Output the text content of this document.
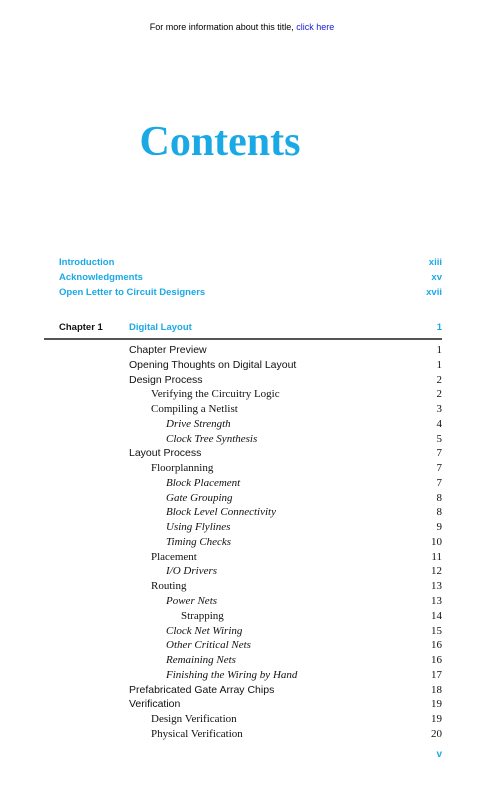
For more information about this title, click here
Contents
Introduction	xiii
Acknowledgments	xv
Open Letter to Circuit Designers	xvii
Chapter 1	Digital Layout	1
Chapter Preview	1
Opening Thoughts on Digital Layout	1
Design Process	2
Verifying the Circuitry Logic	2
Compiling a Netlist	3
Drive Strength	4
Clock Tree Synthesis	5
Layout Process	7
Floorplanning	7
Block Placement	7
Gate Grouping	8
Block Level Connectivity	8
Using Flylines	9
Timing Checks	10
Placement	11
I/O Drivers	12
Routing	13
Power Nets	13
Strapping	14
Clock Net Wiring	15
Other Critical Nets	16
Remaining Nets	16
Finishing the Wiring by Hand	17
Prefabricated Gate Array Chips	18
Verification	19
Design Verification	19
Physical Verification	20
v
